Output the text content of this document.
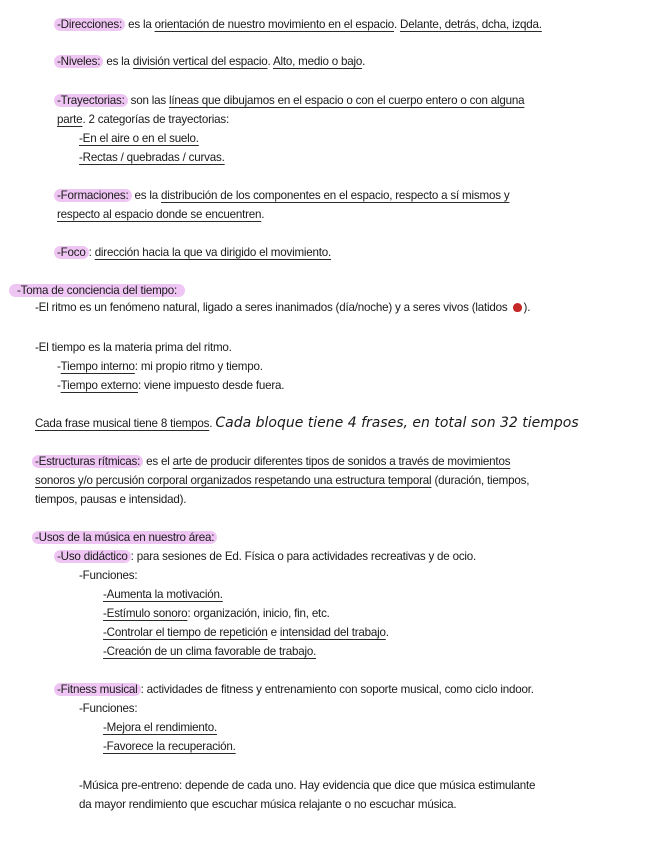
-Direcciones: es la orientación de nuestro movimiento en el espacio. Delante, detrás, dcha, izqda.
-Niveles: es la división vertical del espacio. Alto, medio o bajo.
-Trayectorias: son las líneas que dibujamos en el espacio o con el cuerpo entero o con alguna
parte. 2 categorías de trayectorias:
-En el aire o en el suelo.
-Rectas / quebradas / curvas.
-Formaciones: es la distribución de los componentes en el espacio, respecto a sí mismos y
respecto al espacio donde se encuentren.
-Foco : dirección hacia la que va dirigido el movimiento.
-Toma de conciencia del tiempo:
-El ritmo es un fenómeno natural, ligado a seres inanimados (día/noche) y a seres vivos (latidos ).
-El tiempo es la materia prima del ritmo.
-Tiempo interno: mi propio ritmo y tiempo.
-Tiempo externo: viene impuesto desde fuera.
Cada frase musical tiene 8 tiempos. Cada bloque tiene 4 frases, en total son 32 tiempos
-Estructuras rítmicas: es el arte de producir diferentes tipos de sonidos a través de movimientos
sonoros y/o percusión corporal organizados respetando una estructura temporal (duración, tiempos,
tiempos, pausas e intensidad).
-Usos de la música en nuestro área:
-Uso didáctico : para sesiones de Ed. Física o para actividades recreativas y de ocio.
-Funciones:
-Aumenta la motivación.
-Estímulo sonoro: organización, inicio, fin, etc.
-Controlar el tiempo de repetición e intensidad del trabajo.
-Creación de un clima favorable de trabajo.
-Fitness musical : actividades de fitness y entrenamiento con soporte musical, como ciclo indoor.
-Funciones:
-Mejora el rendimiento.
-Favorece la recuperación.
-Música pre-entreno: depende de cada uno. Hay evidencia que dice que música estimulante
da mayor rendimiento que escuchar música relajante o no escuchar música.
